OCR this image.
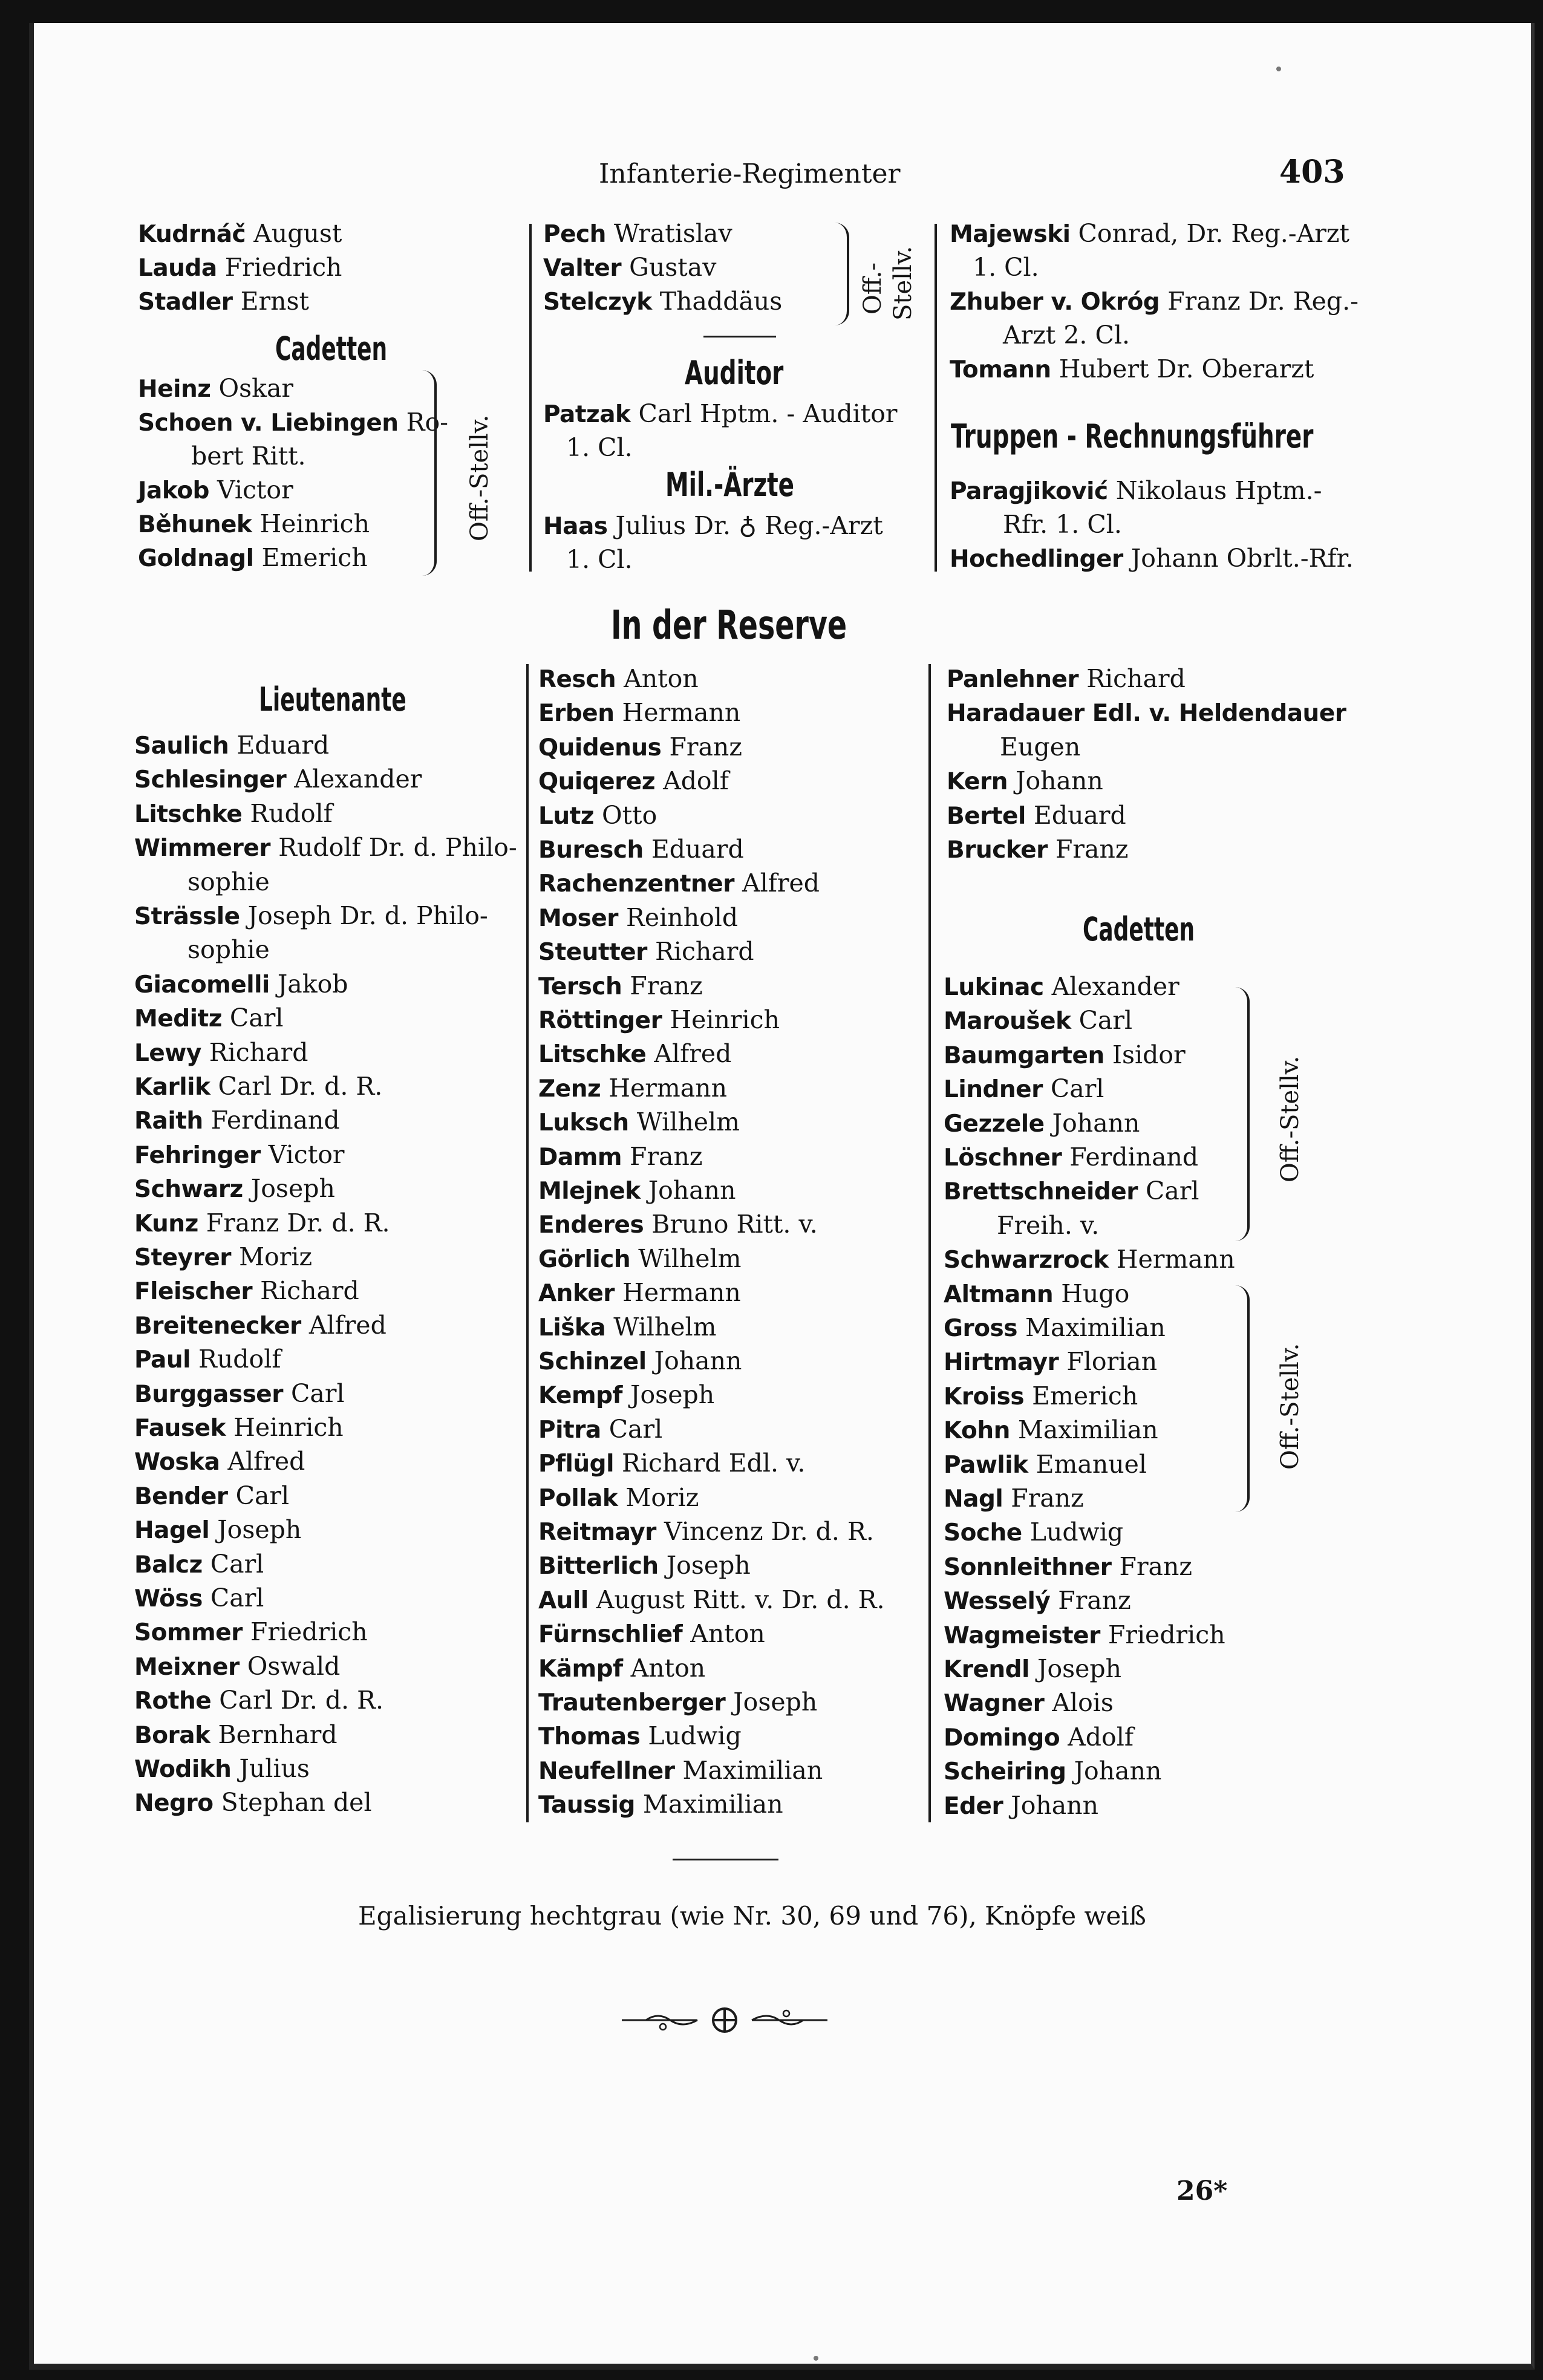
Infanterie-Regimenter	403
Kudrnáč August
Lauda Friedrich
Stadler Ernst
Cadetten
Heinz Oskar
Schoen v. Liebingen Ro-
bert Ritt.
Jakob Victor
Běhunek Heinrich
Goldnagl Emerich
Off.-Stellv.
Pech Wratislav
Valter Gustav
Stelczyk Thaddäus	Off.- Stellv.
Auditor
Patzak Carl Hptm. - Auditor
1. Cl.
Mil.-Ärzte
Haas Julius Dr. ♁ Reg.-Arzt
1. Cl.
Majewski Conrad, Dr. Reg.-Arzt
1. Cl.
Zhuber v. Okróg Franz Dr. Reg.-
Arzt 2. Cl.
Tomann Hubert Dr. Oberarzt
Truppen - Rechnungsführer
Paragjiković Nikolaus Hptm.-
Rfr. 1. Cl.
Hochedlinger Johann Obrlt.-Rfr.
In der Reserve
Lieutenante
Saulich Eduard
Schlesinger Alexander
Litschke Rudolf
Wimmerer Rudolf Dr. d. Philo-
sophie
Strässle Joseph Dr. d. Philo-
sophie
Giacomelli Jakob
Meditz Carl
Lewy Richard
Karlik Carl Dr. d. R.
Raith Ferdinand
Fehringer Victor
Schwarz Joseph
Kunz Franz Dr. d. R.
Steyrer Moriz
Fleischer Richard
Breitenecker Alfred
Paul Rudolf
Burggasser Carl
Fausek Heinrich
Woska Alfred
Bender Carl
Hagel Joseph
Balcz Carl
Wöss Carl
Sommer Friedrich
Meixner Oswald
Rothe Carl Dr. d. R.
Borak Bernhard
Wodikh Julius
Negro Stephan del
Resch Anton
Erben Hermann
Quidenus Franz
Quiqerez Adolf
Lutz Otto
Buresch Eduard
Rachenzentner Alfred
Moser Reinhold
Steutter Richard
Tersch Franz
Röttinger Heinrich
Litschke Alfred
Zenz Hermann
Luksch Wilhelm
Damm Franz
Mlejnek Johann
Enderes Bruno Ritt. v.
Görlich Wilhelm
Anker Hermann
Liška Wilhelm
Schinzel Johann
Kempf Joseph
Pitra Carl
Pflügl Richard Edl. v.
Pollak Moriz
Reitmayr Vincenz Dr. d. R.
Bitterlich Joseph
Aull August Ritt. v. Dr. d. R.
Fürnschlief Anton
Kämpf Anton
Trautenberger Joseph
Thomas Ludwig
Neufellner Maximilian
Taussig Maximilian
Panlehner Richard
Haradauer Edl. v. Heldendauer
Eugen
Kern Johann
Bertel Eduard
Brucker Franz
Cadetten
Lukinac Alexander
Maroušek Carl
Baumgarten Isidor
Lindner Carl
Gezzele Johann
Löschner Ferdinand
Brettschneider Carl
Freih. v.
Schwarzrock Hermann
Altmann Hugo
Gross Maximilian
Hirtmayr Florian
Kroiss Emerich
Kohn Maximilian
Pawlik Emanuel
Nagl Franz
Soche Ludwig
Sonnleithner Franz
Wesselý Franz
Wagmeister Friedrich
Krendl Joseph
Wagner Alois
Domingo Adolf
Scheiring Johann
Eder Johann
Off.-Stellv.
Off.-Stellv.
Egalisierung hechtgrau (wie Nr. 30, 69 und 76), Knöpfe weiß
26*
